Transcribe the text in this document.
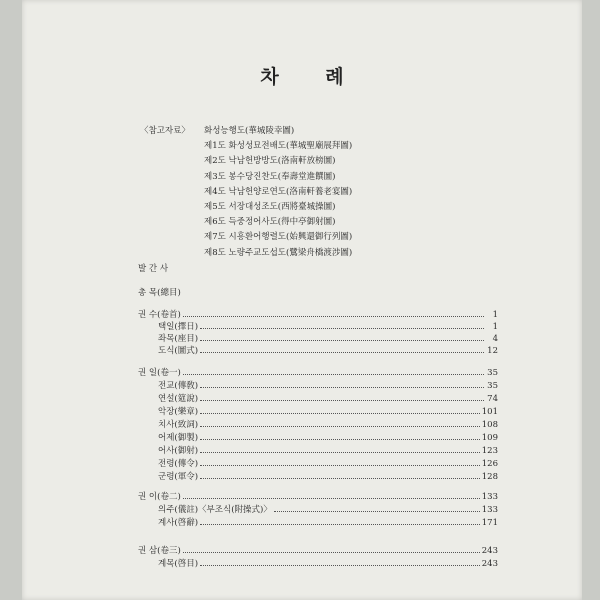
차 례
〈참고자료〉	화성능행도(華城陵幸圖)
제1도 화성성묘전배도(華城聖廟展拜圖)
제2도 낙남헌방방도(洛南軒放榜圖)
제3도 봉수당진찬도(奉壽堂進饌圖)
제4도 낙남헌양로연도(洛南軒養老宴圖)
제5도 서장대성조도(西將臺城操圖)
제6도 득중정어사도(得中亭御射圖)
제7도 시흥환어행렬도(始興還御行列圖)
제8도 노량주교도섭도(鷺梁舟橋渡涉圖)
발 간 사
총 목(總目)
권 수(卷首)	1
택일(擇日)	1
좌목(座目)	4
도식(圖式)	12
권 일(卷一)	35
전교(傳敎)	35
연설(筵說)	74
악장(樂章)	101
치사(致詞)	108
어제(御製)	109
어사(御射)	123
전령(傳令)	126
군령(軍令)	128
권 이(卷二)	133
의주(儀註)〈부조식(附操式)〉	133
계사(啓辭)	171
권 삼(卷三)	243
계목(啓目)	243
